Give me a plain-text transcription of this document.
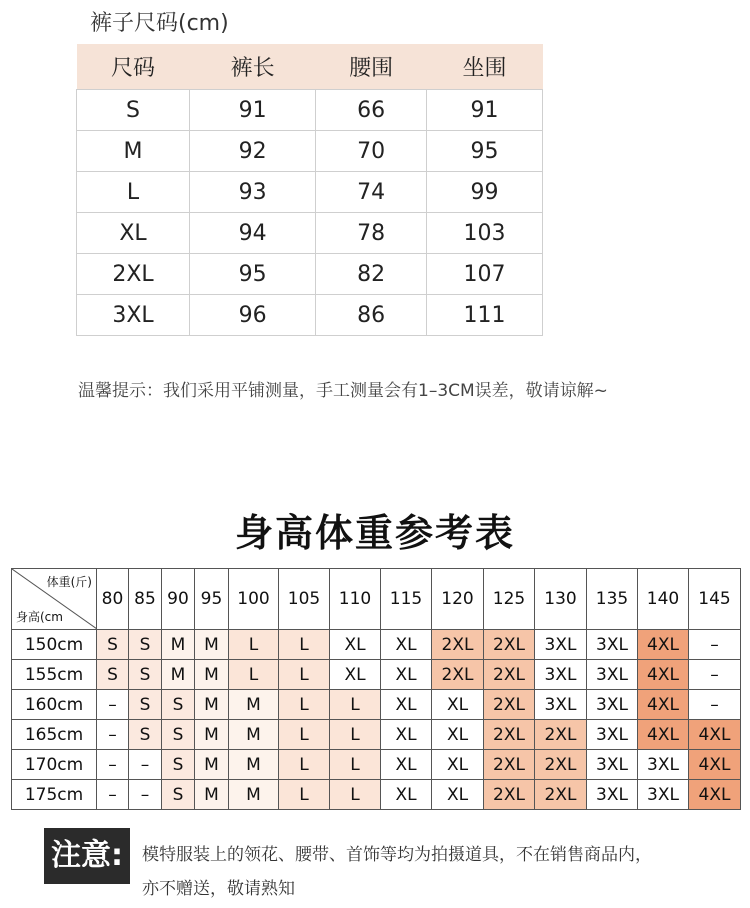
裤子尺码(cm)
尺码	裤长	腰围	坐围
S	91	66	91
M	92	70	95
L	93	74	99
XL	94	78	103
2XL	95	82	107
3XL	96	86	111
温馨提示：我们采用平铺测量，手工测量会有1–3CM误差，敬请谅解~
身高体重参考表
体重(斤)
身高(cm	80	85	90	95	100	105	110	115	120	125	130	135	140	145
150cm	S	S	M	M	L	L	XL	XL	2XL	2XL	3XL	3XL	4XL	–
155cm	S	S	M	M	L	L	XL	XL	2XL	2XL	3XL	3XL	4XL	–
160cm	–	S	S	M	M	L	L	XL	XL	2XL	3XL	3XL	4XL	–
165cm	–	S	S	M	M	L	L	XL	XL	2XL	2XL	3XL	4XL	4XL
170cm	–	–	S	M	M	L	L	XL	XL	2XL	2XL	3XL	3XL	4XL
175cm	–	–	S	M	M	L	L	XL	XL	2XL	2XL	3XL	3XL	4XL
注意:	模特服装上的领花、腰带、首饰等均为拍摄道具，不在销售商品内，
亦不赠送，敬请熟知
